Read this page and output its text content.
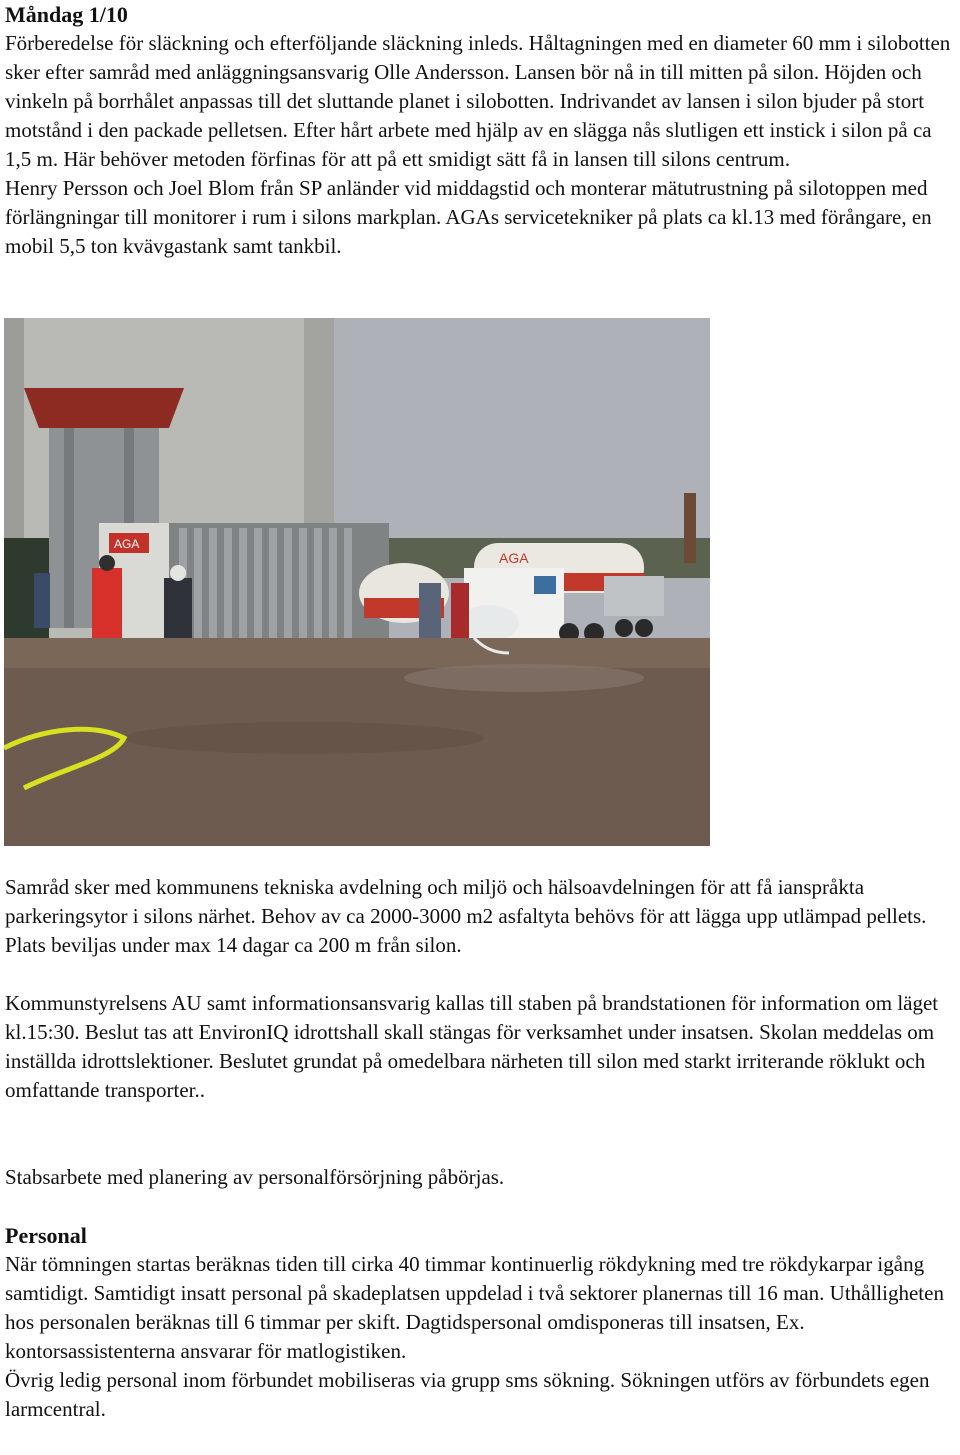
Måndag 1/10

Förberedelse för släckning och efterföljande släckning inleds. Håltagningen med en diameter 60 mm i silobotten sker efter samråd med anläggningsansvarig Olle Andersson. Lansen bör nå in till mitten på silon. Höjden och vinkeln på borrhålet anpassas till det sluttande planet i silobotten. Indrivandet av lansen i silon bjuder på stort motstånd i den packade pelletsen. Efter hårt arbete med hjälp av en slägga nås slutligen ett instick i silon på ca 1,5 m. Här behöver metoden förfinas för att på ett smidigt sätt få in lansen till silons centrum.

Henry Persson och Joel Blom från SP anländer vid middagstid och monterar mätutrustning på silotoppen med förlängningar till monitorer i rum i silons markplan. AGAs servicetekniker på plats ca kl.13 med förångare, en mobil 5,5 ton kvävgastank samt tankbil.

AGA
AGA

Samråd sker med kommunens tekniska avdelning och miljö och hälsoavdelningen för att få ianspråkta parkeringsytor i silons närhet. Behov av ca 2000-3000 m2 asfaltyta behövs för att lägga upp utlämpad pellets. Plats beviljas under max 14 dagar ca 200 m från silon.

Kommunstyrelsens AU samt informationsansvarig kallas till staben på brandstationen för information om läget kl.15:30. Beslut tas att EnvironIQ idrottshall skall stängas för verksamhet under insatsen. Skolan meddelas om inställda idrottslektioner. Beslutet grundat på omedelbara närheten till silon med starkt irriterande röklukt och omfattande transporter..

Stabsarbete med planering av personalförsörjning påbörjas.

Personal

När tömningen startas beräknas tiden till cirka 40 timmar kontinuerlig rökdykning med tre rökdykarpar igång samtidigt. Samtidigt insatt personal på skadeplatsen uppdelad i två sektorer planernas till 16 man. Uthålligheten hos personalen beräknas till 6 timmar per skift. Dagtidspersonal omdisponeras till insatsen, Ex. kontorsassistenterna ansvarar för matlogistiken.

Övrig ledig personal inom förbundet mobiliseras via grupp sms sökning. Sökningen utförs av förbundets egen larmcentral.
